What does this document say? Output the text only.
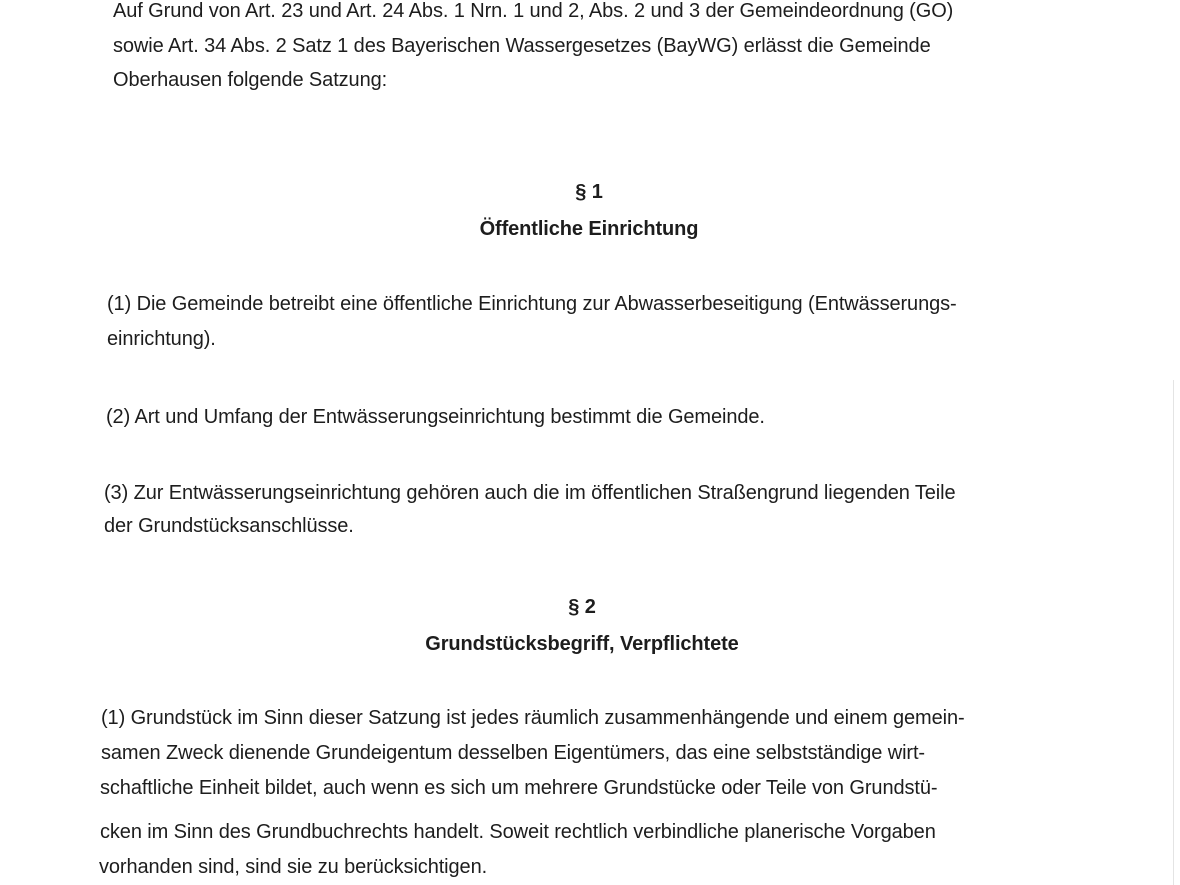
Auf Grund von Art. 23 und Art. 24 Abs. 1 Nrn. 1 und 2, Abs. 2 und 3 der Gemeindeordnung (GO)
sowie Art. 34 Abs. 2 Satz 1 des Bayerischen Wassergesetzes (BayWG) erlässt die Gemeinde
Oberhausen folgende Satzung:
§ 1
Öffentliche Einrichtung
(1) Die Gemeinde betreibt eine öffentliche Einrichtung zur Abwasserbeseitigung (Entwässerungs-
einrichtung).
(2) Art und Umfang der Entwässerungseinrichtung bestimmt die Gemeinde.
(3) Zur Entwässerungseinrichtung gehören auch die im öffentlichen Straßengrund liegenden Teile
der Grundstücksanschlüsse.
§ 2
Grundstücksbegriff, Verpflichtete
(1) Grundstück im Sinn dieser Satzung ist jedes räumlich zusammenhängende und einem gemein-
samen Zweck dienende Grundeigentum desselben Eigentümers, das eine selbstständige wirt-
schaftliche Einheit bildet, auch wenn es sich um mehrere Grundstücke oder Teile von Grundstü-
cken im Sinn des Grundbuchrechts handelt. Soweit rechtlich verbindliche planerische Vorgaben
vorhanden sind, sind sie zu berücksichtigen.
